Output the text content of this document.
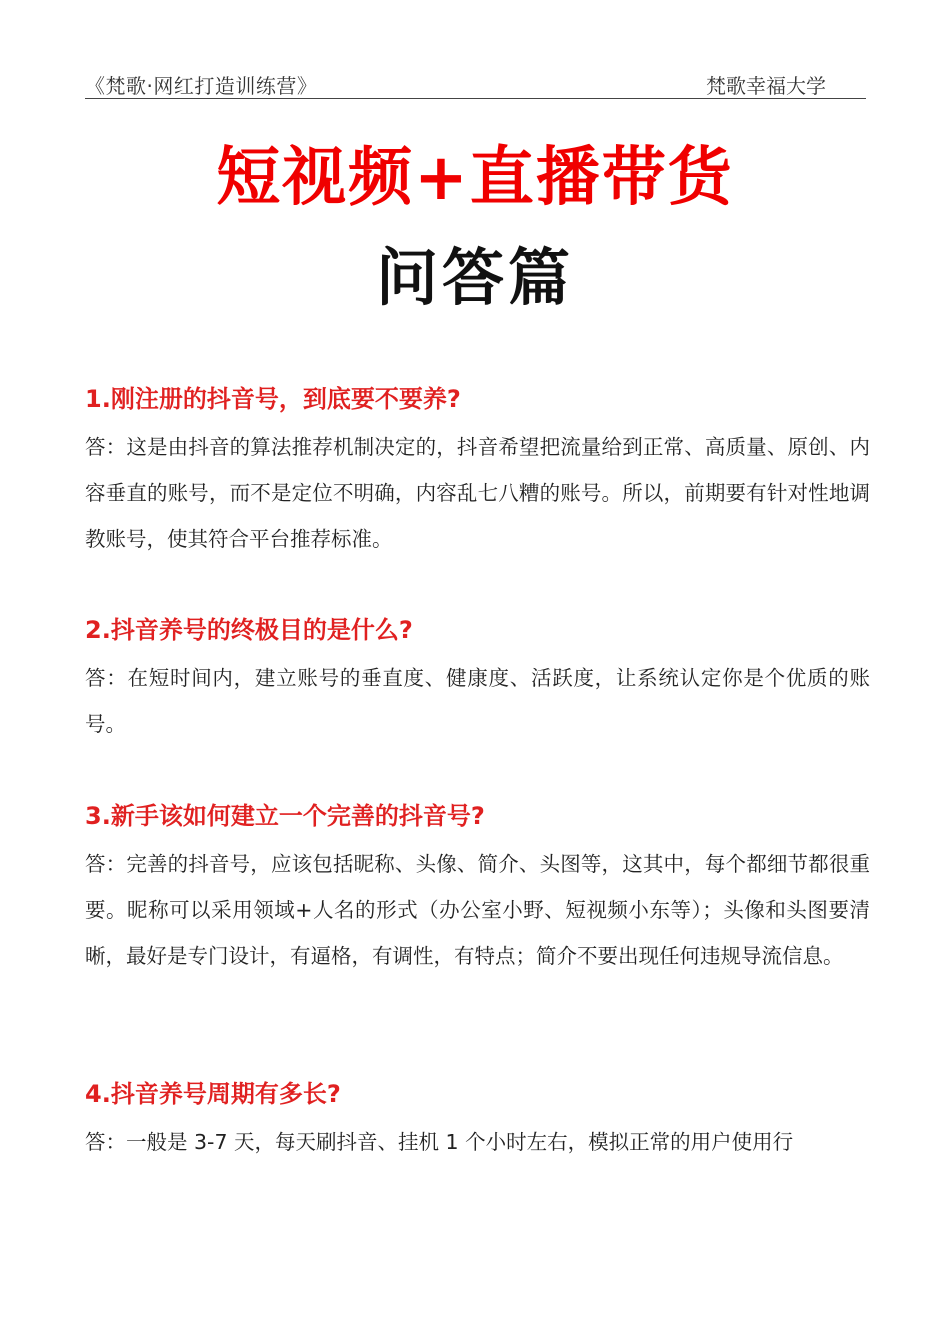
《梵歌·网红打造训练营》	梵歌幸福大学
短视频+直播带货
问答篇

1.刚注册的抖音号，到底要不要养?

答：这是由抖音的算法推荐机制决定的，抖音希望把流量给到正常、高质量、原创、内容垂直的账号，而不是定位不明确，内容乱七八糟的账号。所以，前期要有针对性地调教账号，使其符合平台推荐标准。

2.抖音养号的终极目的是什么?

答：在短时间内，建立账号的垂直度、健康度、活跃度，让系统认定你是个优质的账号。

3.新手该如何建立一个完善的抖音号?

答：完善的抖音号，应该包括昵称、头像、简介、头图等，这其中，每个都细节都很重要。昵称可以采用领域+人名的形式（办公室小野、短视频小东等）；头像和头图要清晰，最好是专门设计，有逼格，有调性，有特点；简介不要出现任何违规导流信息。

4.抖音养号周期有多长?

答：一般是 3-7 天，每天刷抖音、挂机 1 个小时左右，模拟正常的用户使用行
